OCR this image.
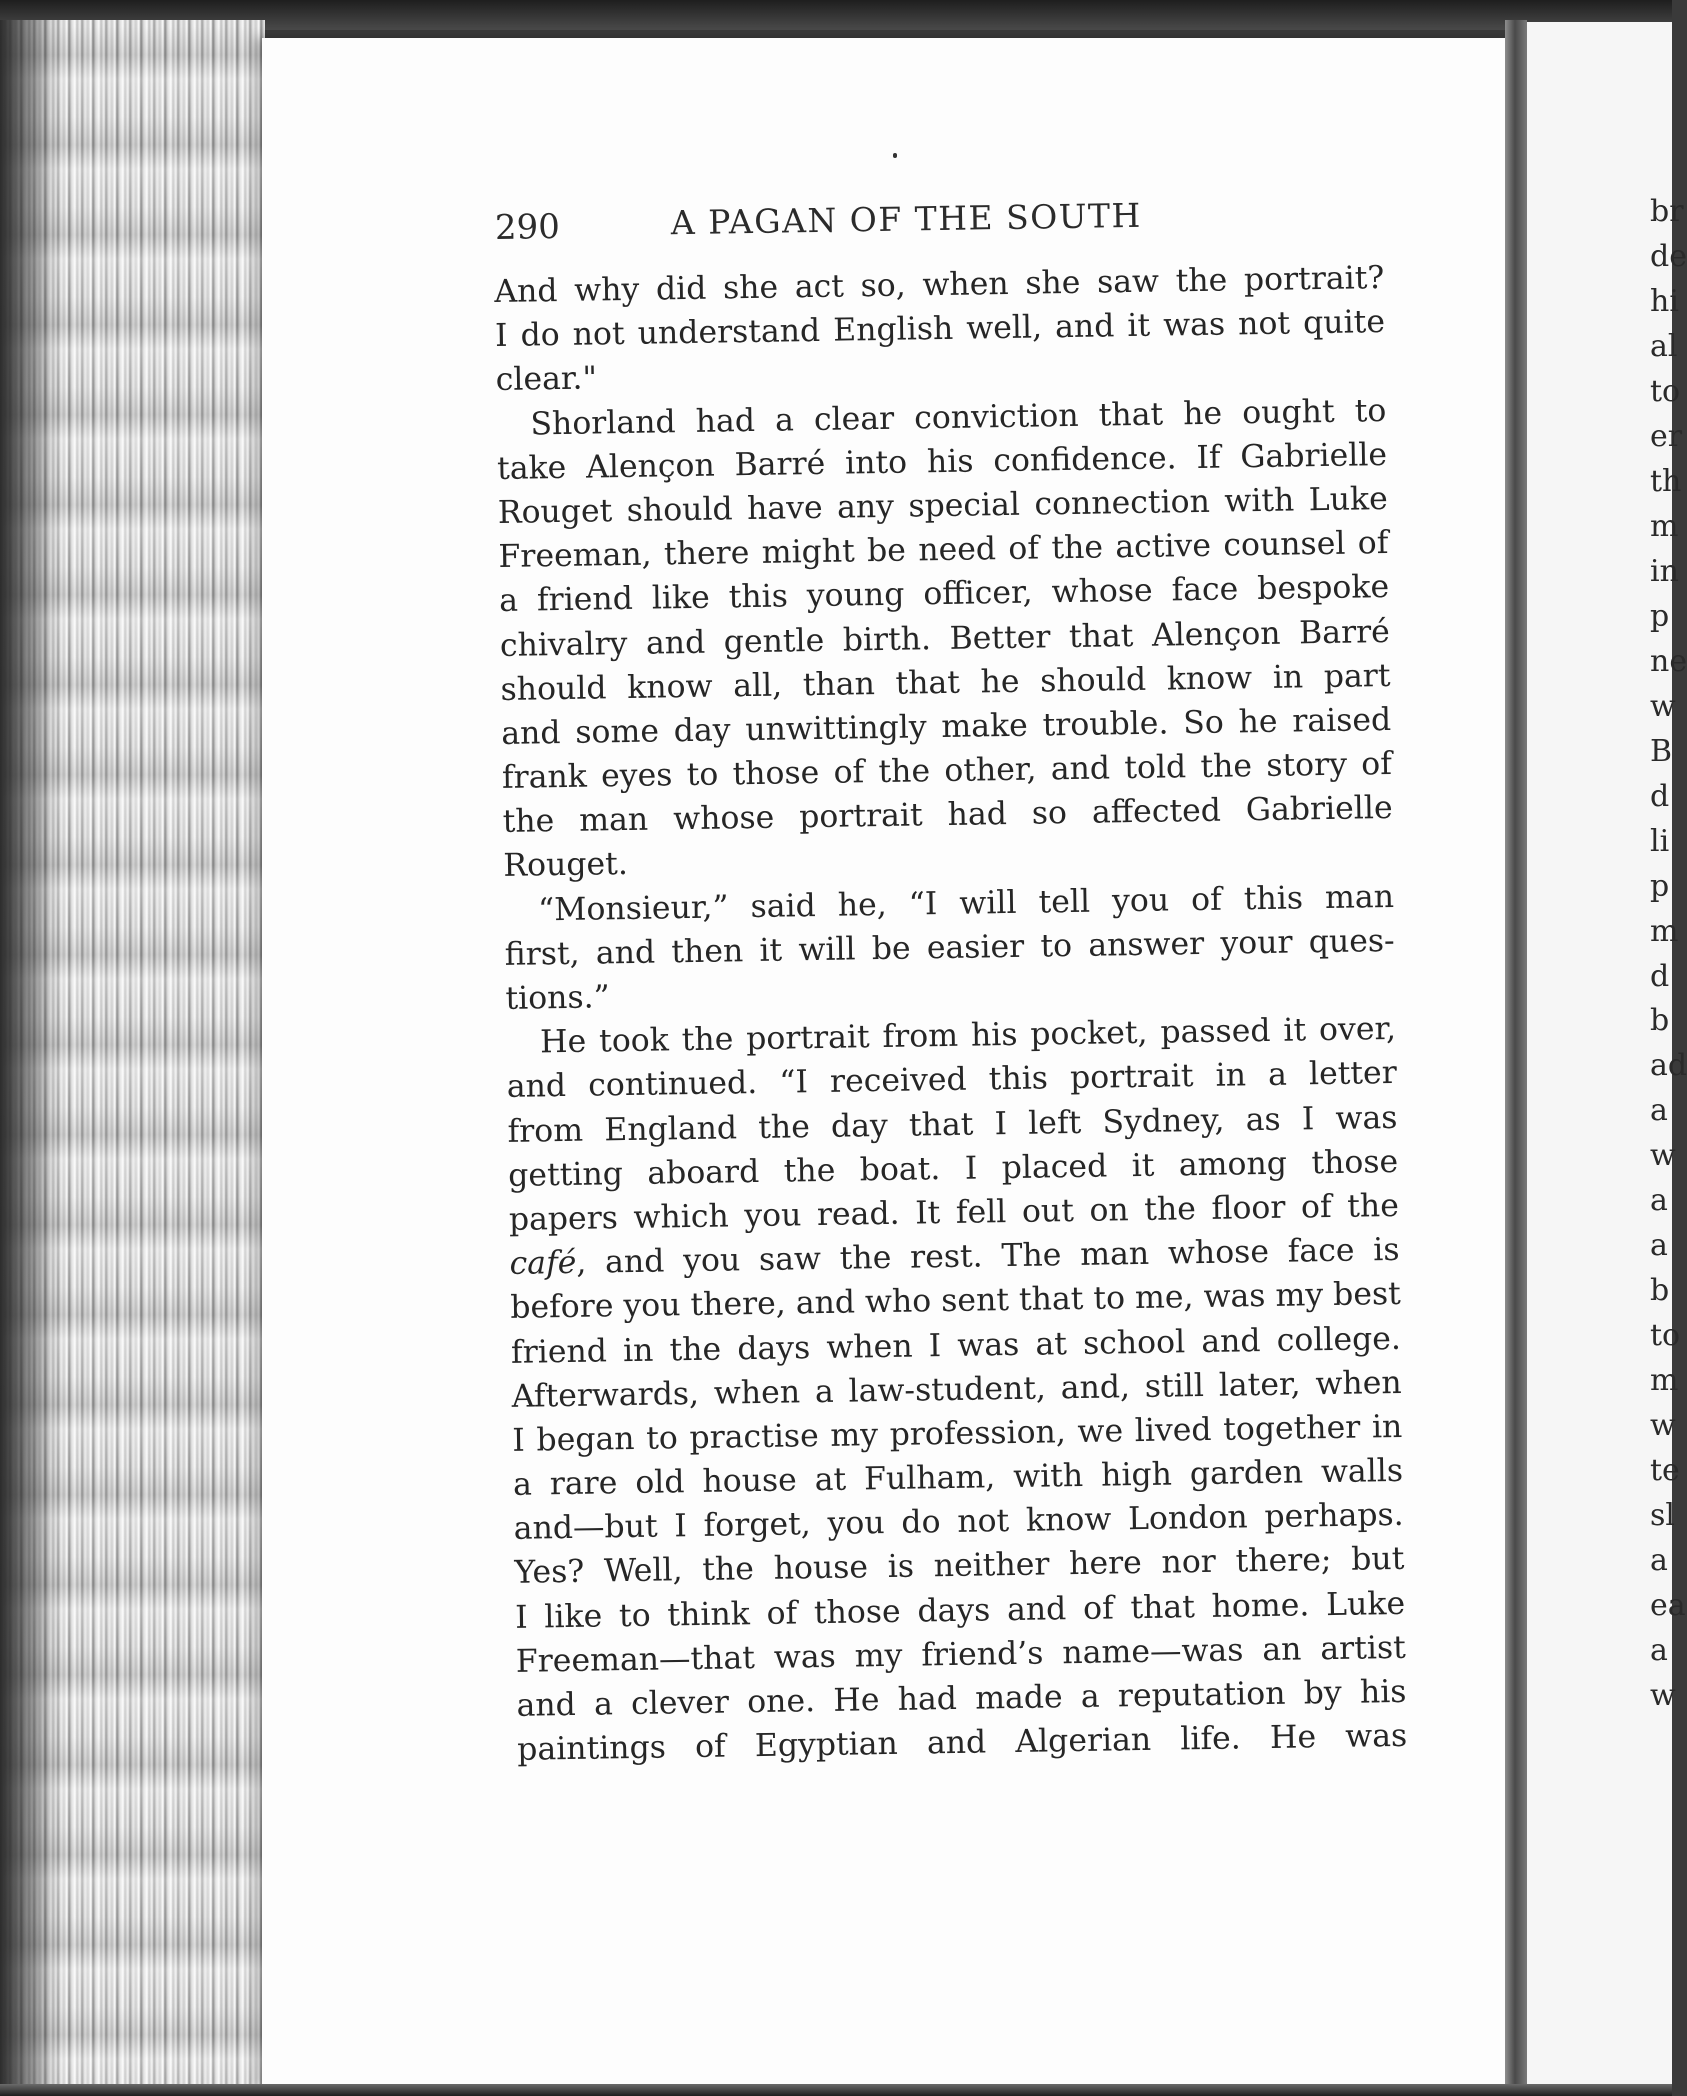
290	A PAGAN OF THE SOUTH
And why did she act so, when she saw the portrait?
I do not understand English well, and it was not quite
clear."
Shorland had a clear conviction that he ought to
take Alençon Barré into his confidence. If Gabrielle
Rouget should have any special connection with Luke
Freeman, there might be need of the active counsel of
a friend like this young officer, whose face bespoke
chivalry and gentle birth. Better that Alençon Barré
should know all, than that he should know in part
and some day unwittingly make trouble. So he raised
frank eyes to those of the other, and told the story of
the man whose portrait had so affected Gabrielle
Rouget.
“Monsieur,” said he, “I will tell you of this man
first, and then it will be easier to answer your ques-
tions.”
He took the portrait from his pocket, passed it over,
and continued. “I received this portrait in a letter
from England the day that I left Sydney, as I was
getting aboard the boat. I placed it among those
papers which you read. It fell out on the floor of the
café, and you saw the rest. The man whose face is
before you there, and who sent that to me, was my best
friend in the days when I was at school and college.
Afterwards, when a law-student, and, still later, when
I began to practise my profession, we lived together in
a rare old house at Fulham, with high garden walls
and—but I forget, you do not know London perhaps.
Yes? Well, the house is neither here nor there; but
I like to think of those days and of that home. Luke
Freeman—that was my friend’s name—was an artist
and a clever one. He had made a reputation by his
paintings of Egyptian and Algerian life. He was
br
de
hi
al
to
er
th
m
in
p
ne
w
B
d
li
p
m
d
b
ad
a
w
a
a
b
to
m
w
te
sl
a
ea
a
w
